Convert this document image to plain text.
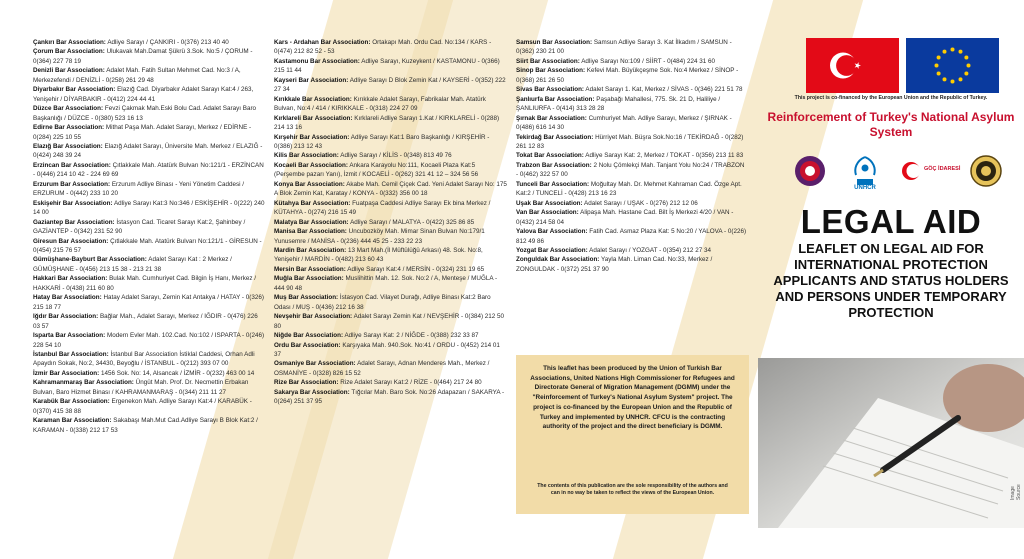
Çankırı Bar Association: Adliye Sarayı / ÇANKIRI - 0(376) 213 40 40

Çorum Bar Association: Ulukavak Mah.Damat Şükrü 3.Sok. No:5 / ÇORUM - 0(364) 227 78 19

Denizli Bar Association: Adalet Mah. Fatih Sultan Mehmet Cad. No:3 / A, Merkezefendi / DENİZLİ - 0(258) 261 29 48

Diyarbakır Bar Association: Elazığ Cad. Diyarbakır Adalet Sarayı Kat:4 / 263, Yenişehir / DİYARBAKIR - 0(412) 224 44 41

Düzce Bar Association: Fevzi Çakmak Mah.Eski Bolu Cad. Adalet Sarayı Baro Başkanlığı / DÜZCE - 0(380) 523 16 13

Edirne Bar Association: Mithat Paşa Mah. Adalet Sarayı, Merkez / EDİRNE - 0(284) 225 10 55

Elazığ Bar Association: Elazığ Adalet Sarayı, Üniversite Mah. Merkez / ELAZIĞ - 0(424) 248 39 24

Erzincan Bar Association: Çıtlakkale Mah. Atatürk Bulvarı No:121/1 - ERZİNCAN - 0(446) 214 10 42 - 224 69 69

Erzurum Bar Association: Erzurum Adliye Binası - Yeni Yönetim Caddesi / ERZURUM - 0(442) 233 10 20

Eskişehir Bar Association: Adliye Sarayı Kat:3 No:346 / ESKİŞEHİR - 0(222) 240 14 00

Gaziantep Bar Association: İstasyon Cad. Ticaret Sarayı Kat:2, Şahinbey / GAZİANTEP - 0(342) 231 52 90

Giresun Bar Association: Çıtlakkale Mah. Atatürk Bulvarı No:121/1 - GİRESUN - 0(454) 215 76 57

Gümüşhane-Bayburt Bar Association: Adalet Sarayı Kat : 2 Merkez / GÜMÜŞHANE - 0(456) 213 15 38 - 213 21 38

Hakkari Bar Association: Bulak Mah. Cumhuriyet Cad. Bilgin İş Hanı, Merkez / HAKKARİ - 0(438) 211 60 80

Hatay Bar Association: Hatay Adalet Sarayı, Zemin Kat Antakya / HATAY - 0(326) 215 18 77

Iğdır Bar Association: Bağlar Mah., Adalet Sarayı, Merkez / IĞDIR - 0(476) 226 03 57

Isparta Bar Association: Modern Evler Mah. 102.Cad. No:102 / ISPARTA - 0(246) 228 54 10

İstanbul Bar Association: İstanbul Bar Association İstiklal Caddesi, Orhan Adli Apaydın Sokak, No:2, 34430, Beyoğlu / İSTANBUL - 0(212) 393 07 00

İzmir Bar Association: 1456 Sok. No: 14, Alsancak / İZMİR - 0(232) 463 00 14

Kahramanmaraş Bar Association: Üngüt Mah. Prof. Dr. Necmettin Erbakan Bulvarı, Baro Hizmet Binası / KAHRAMANMARAŞ - 0(344) 211 11 27

Karabük Bar Association: Ergenekon Mah. Adliye Sarayı Kat:4 / KARABÜK - 0(370) 415 38 88

Karaman Bar Association: Sakabaşı Mah.Mut Cad.Adliye Sarayı B Blok Kat:2 / KARAMAN - 0(338) 212 17 53

Kars - Ardahan Bar Association: Ortakapı Mah. Ordu Cad. No:134 / KARS - 0(474) 212 82 52 - 53

Kastamonu Bar Association: Adliye Sarayı, Kuzeykent / KASTAMONU - 0(366) 215 11 44

Kayseri Bar Association: Adliye Sarayı D Blok Zemin Kat / KAYSERİ - 0(352) 222 27 34

Kırıkkale Bar Association: Kırıkkale Adalet Sarayı, Fabrikalar Mah. Atatürk Bulvarı, No:4 / 414 / KIRIKKALE - 0(318) 224 27 09

Kırklareli Bar Association: Kırklareli Adliye Sarayı 1.Kat / KIRKLARELİ - 0(288) 214 13 16

Kırşehir Bar Association: Adliye Sarayı Kat:1 Baro Başkanlığı / KIRŞEHİR - 0(386) 213 12 43

Kilis Bar Association: Adliye Sarayı / KİLİS - 0(348) 813 49 76

Kocaeli Bar Association: Ankara Karayolu No:111, Kocaeli Plaza Kat:5 (Perşembe pazarı Yanı), İzmit / KOCAELİ - 0(262) 321 41 12 – 324 56 56

Konya Bar Association: Akabe Mah. Cemil Çiçek Cad. Yeni Adalet Sarayı No: 175 A Blok Zemin Kat, Karatay / KONYA - 0(332) 356 00 18

Kütahya Bar Association: Fuatpaşa Caddesi Adliye Sarayı Ek bina Merkez / KÜTAHYA - 0(274) 216 15 49

Malatya Bar Association: Adliye Sarayı / MALATYA - 0(422) 325 86 85

Manisa Bar Association: Uncubozköy Mah. Mimar Sinan Bulvarı No:179/1 Yunusemre / MANİSA - 0(236) 444 45 25 - 233 22 23

Mardin Bar Association: 13 Mart Mah.(İl Müftülüğü Arkası) 48. Sok. No:8, Yenişehir / MARDİN - 0(482) 213 60 43

Mersin Bar Association: Adliye Sarayı Kat:4 / MERSİN - 0(324) 231 19 65

Muğla Bar Association: Muslihittin Mah. 12. Sok. No:2 / A, Menteşe / MUĞLA - 444 90 48

Muş Bar Association: İstasyon Cad. Vilayet Durağı, Adliye Binası Kat:2 Baro Odası / MUŞ - 0(436) 212 16 38

Nevşehir Bar Association: Adalet Sarayı Zemin Kat / NEVŞEHİR - 0(384) 212 50 80

Niğde Bar Association: Adliye Sarayı Kat: 2 / NİĞDE - 0(388) 232 33 87

Ordu Bar Association: Karşıyaka Mah. 940.Sok. No:41 / ORDU - 0(452) 214 01 37

Osmaniye Bar Association: Adalet Sarayı, Adnan Menderes Mah., Merkez / OSMANİYE - 0(328) 826 15 52

Rize Bar Association: Rize Adalet Sarayı Kat:2 / RİZE - 0(464) 217 24 80

Sakarya Bar Association: Tığcılar Mah. Baro Sok. No:26 Adapazarı / SAKARYA - 0(264) 251 37 95

Samsun Bar Association: Samsun Adliye Sarayı 3. Kat İlkadım / SAMSUN - 0(362) 230 21 00

Siirt Bar Association: Adliye Sarayı No:109 / SİİRT - 0(484) 224 31 60

Sinop Bar Association: Kefevi Mah. Büyükçeşme Sok. No:4 Merkez / SİNOP - 0(368) 261 26 50

Sivas Bar Association: Adalet Sarayı 1. Kat, Merkez / SİVAS - 0(346) 221 51 78

Şanlıurfa Bar Association: Paşabağı Mahallesi, 775. Sk. 21 D, Haliliye / ŞANLIURFA - 0(414) 313 28 28

Şırnak Bar Association: Cumhuriyet Mah. Adliye Sarayı, Merkez / ŞIRNAK - 0(486) 616 14 30

Tekirdağ Bar Association: Hürriyet Mah. Büşra Sok.No:16 / TEKİRDAĞ - 0(282) 261 12 83

Tokat Bar Association: Adliye Sarayı Kat: 2, Merkez / TOKAT - 0(356) 213 11 83

Trabzon Bar Association: 2 Nolu Çömlekçi Mah. Tanjant Yolu No:24 / TRABZON - 0(462) 322 57 00

Tunceli Bar Association: Moğultay Mah. Dr. Mehmet Kahraman Cad. Özge Apt. Kat:2 / TUNCELİ - 0(428) 213 16 23

Uşak Bar Association: Adalet Sarayı / UŞAK - 0(276) 212 12 06

Van Bar Association: Alipaşa Mah. Hastane Cad. Bilt İş Merkezi 4/20 / VAN - 0(432) 214 58 04

Yalova Bar Association: Fatih Cad. Asmaz Plaza Kat: 5 No:20 / YALOVA - 0(226) 812 49 86

Yozgat Bar Association: Adalet Sarayı / YOZGAT - 0(354) 212 27 34

Zonguldak Bar Association: Yayla Mah. Liman Cad. No:33, Merkez / ZONGULDAK - 0(372) 251 37 90

This leaflet has been produced by the Union of Turkish Bar Associations, United Nations High Commissioner for Refugees and Directorate General of Migration Management (DGMM) under the "Reinforcement of Turkey's National Asylum System" project. The project is co-financed by the European Union and the Republic of Turkey and implemented by UNHCR. CFCU is the contracting authority of the project and the direct beneficiary is DGMM.
The contents of this publication are the sole responsibility of the authors and can in no way be taken to reflect the views of the European Union.
This project is co-financed by the European Union and the Republic of Turkey.
Reinforcement of Turkey's National Asylum System
UNHCR
GÖÇ İDARESİ
LEGAL AID
LEAFLET ON LEGAL AID FOR INTERNATIONAL PROTECTION APPLICANTS AND STATUS HOLDERS AND PERSONS UNDER TEMPORARY PROTECTION
Image Source
